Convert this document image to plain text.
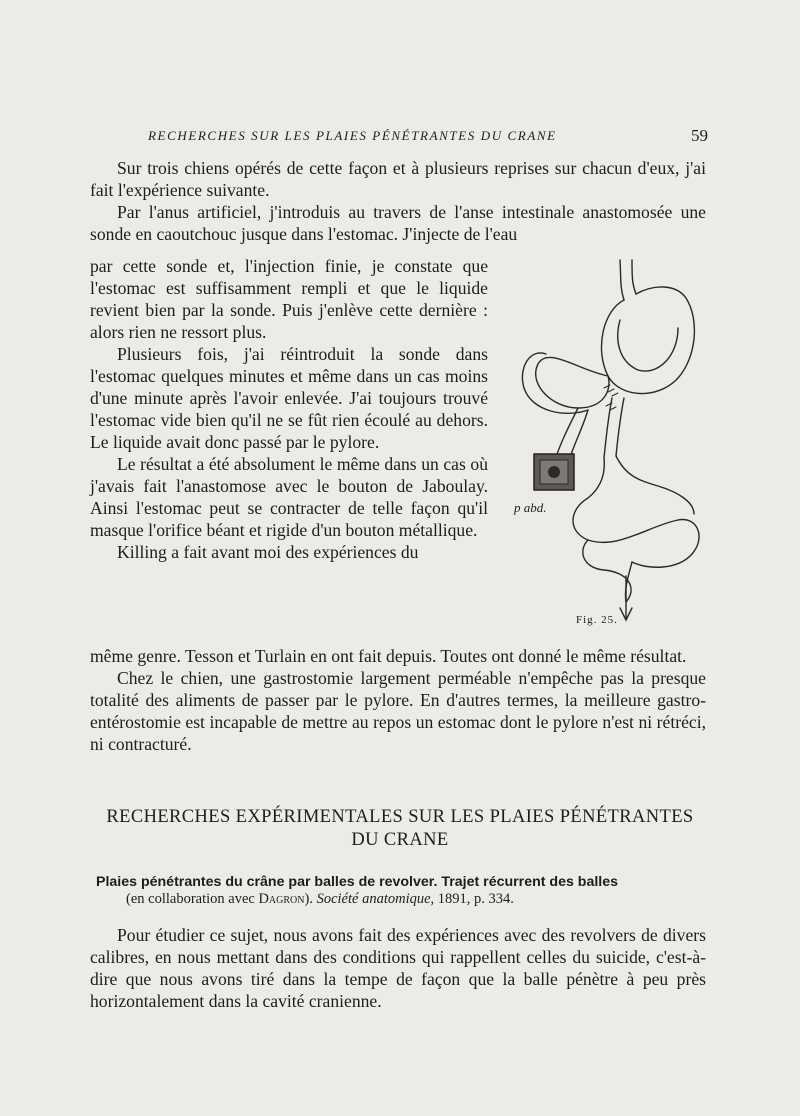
RECHERCHES SUR LES PLAIES PÉNÉTRANTES DU CRANE	59

Sur trois chiens opérés de cette façon et à plusieurs reprises sur chacun d'eux, j'ai fait l'expérience suivante.

Par l'anus artificiel, j'introduis au travers de l'anse intestinale anastomosée une sonde en caoutchouc jusque dans l'estomac. J'injecte de l'eau

par cette sonde et, l'injection finie, je constate que l'estomac est suffisamment rempli et que le liquide revient bien par la sonde. Puis j'enlève cette dernière : alors rien ne ressort plus.

Plusieurs fois, j'ai réintroduit la sonde dans l'estomac quelques minutes et même dans un cas moins d'une minute après l'avoir enlevée. J'ai toujours trouvé l'estomac vide bien qu'il ne se fût rien écoulé au dehors. Le liquide avait donc passé par le pylore.

Le résultat a été absolument le même dans un cas où j'avais fait l'anastomose avec le bouton de Jaboulay. Ainsi l'estomac peut se contracter de telle façon qu'il masque l'orifice béant et rigide d'un bouton métallique.

Killing a fait avant moi des expériences du

p abd.
Fig. 25.

même genre. Tesson et Turlain en ont fait depuis. Toutes ont donné le même résultat.

Chez le chien, une gastrostomie largement perméable n'empêche pas la presque totalité des aliments de passer par le pylore. En d'autres termes, la meilleure gastro-entérostomie est incapable de mettre au repos un estomac dont le pylore n'est ni rétréci, ni contracturé.

RECHERCHES EXPÉRIMENTALES SUR LES PLAIES PÉNÉTRANTES
DU CRANE
Plaies pénétrantes du crâne par balles de revolver. Trajet récurrent des balles
(en collaboration avec Dagron). Société anatomique, 1891, p. 334.

Pour étudier ce sujet, nous avons fait des expériences avec des revolvers de divers calibres, en nous mettant dans des conditions qui rappellent celles du suicide, c'est-à-dire que nous avons tiré dans la tempe de façon que la balle pénètre à peu près horizontalement dans la cavité cranienne.
